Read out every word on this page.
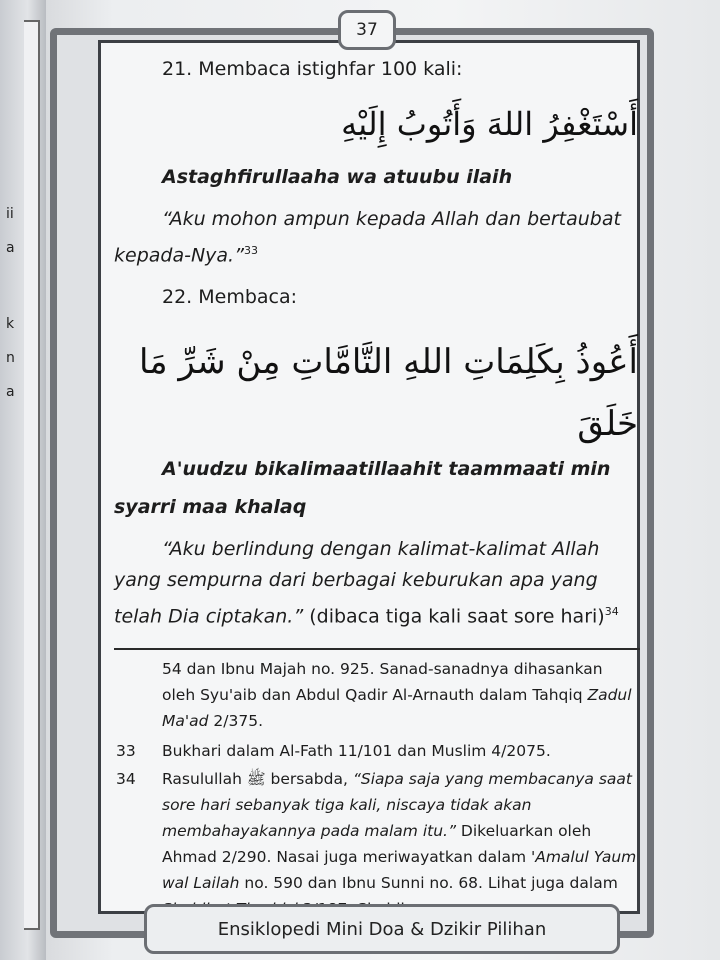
ii
a
k
n
a
37
21. Membaca istighfar 100 kali:
أَسْتَغْفِرُ اللهَ وَأَتُوبُ إِلَيْهِ
Astaghfirullaaha wa atuubu ilaih
“Aku mohon ampun kepada Allah dan bertaubat kepada-Nya.”$^{33}$
22. Membaca:
أَعُوذُ بِكَلِمَاتِ اللهِ التَّامَّاتِ مِنْ شَرِّ مَا
خَلَقَ
A'uudzu bikalimaatillaahit taammaati min
syarri maa khalaq
“Aku berlindung dengan kalimat-kalimat Allah yang sempurna dari berbagai keburukan apa yang telah Dia ciptakan.” (dibaca tiga kali saat sore hari)$^{34}$
54 dan Ibnu Majah no. 925. Sanad-sanadnya dihasankan oleh Syu'aib dan Abdul Qadir Al-Arnauth dalam Tahqiq Zadul Ma'ad 2/375.
33 Bukhari dalam Al-Fath 11/101 dan Muslim 4/2075.
34 Rasulullah ﷺ bersabda, “Siapa saja yang membacanya saat sore hari sebanyak tiga kali, niscaya tidak akan membahayakannya pada malam itu.” Dikeluarkan oleh Ahmad 2/290. Nasai juga meriwayatkan dalam 'Amalul Yaum wal Lailah no. 590 dan Ibnu Sunni no. 68. Lihat juga dalam
Ensiklopedi Mini Doa & Dzikir Pilihan
